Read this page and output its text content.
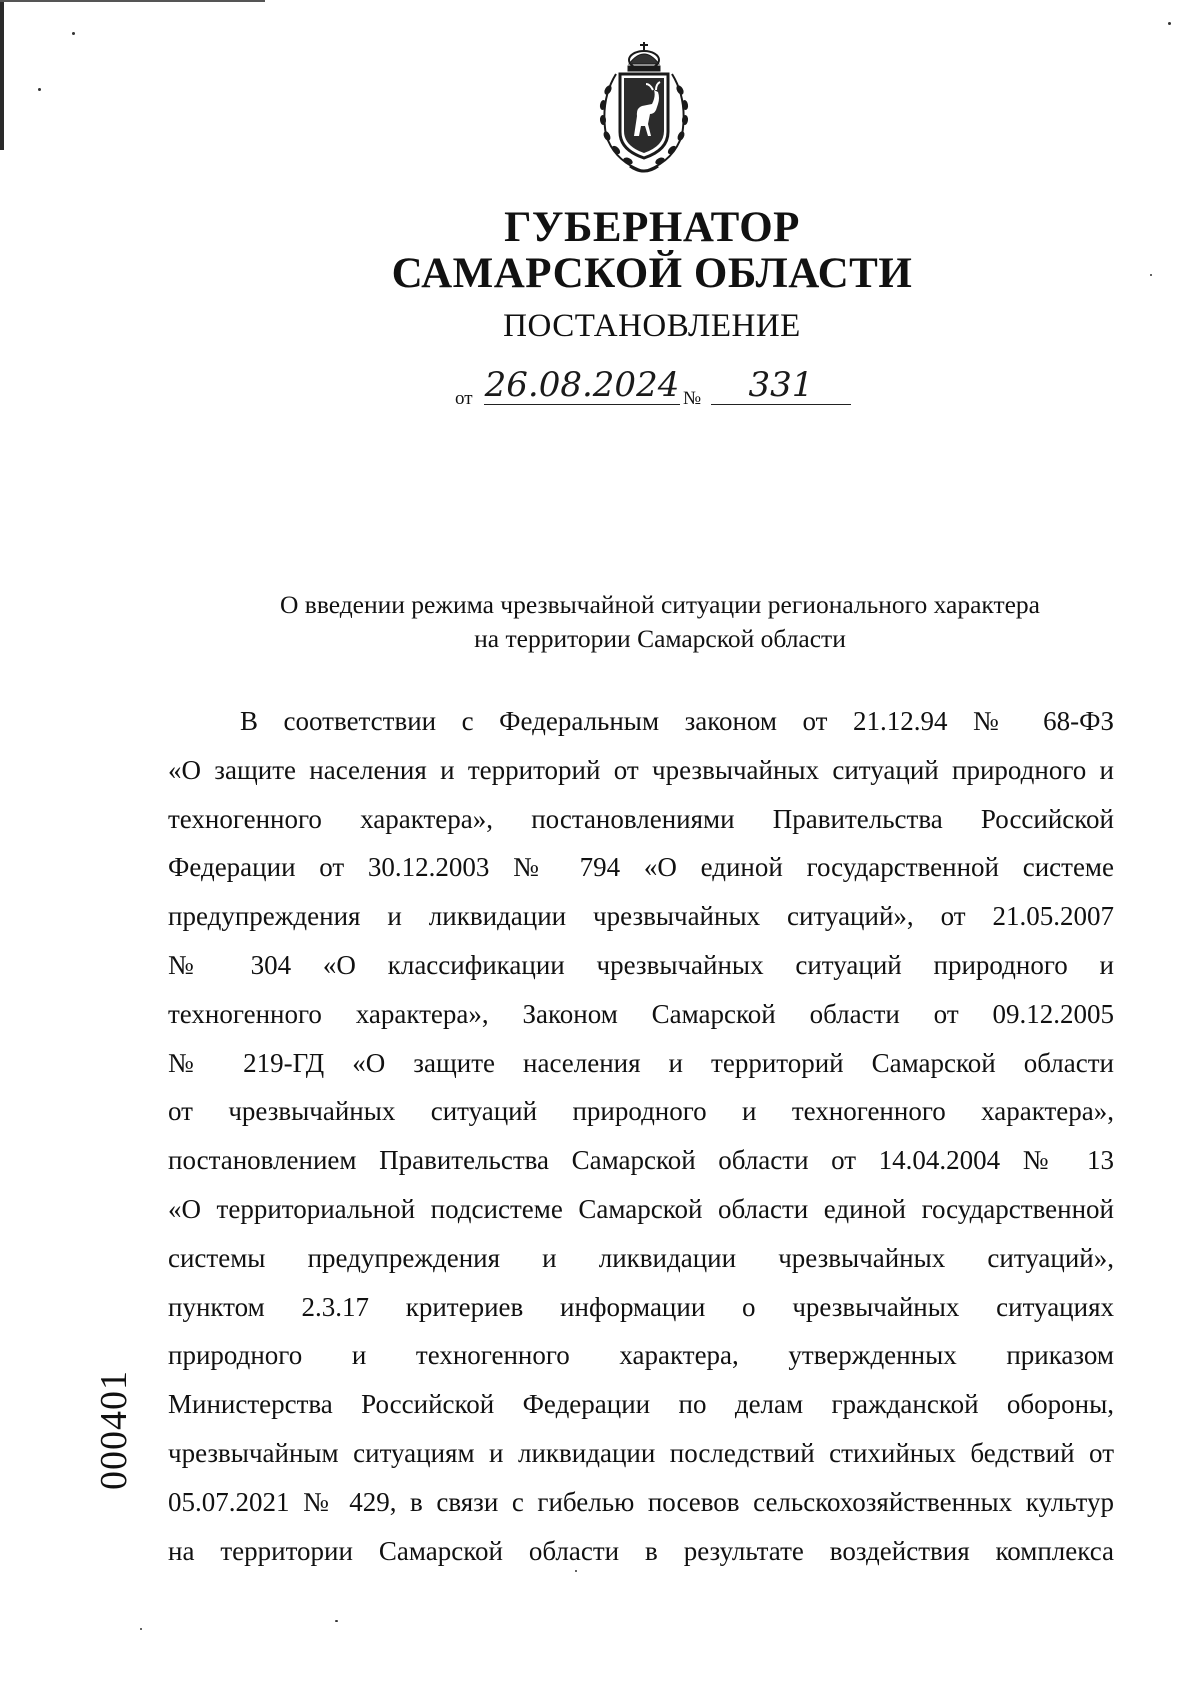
ГУБЕРНАТОР
САМАРСКОЙ ОБЛАСТИ
ПОСТАНОВЛЕНИЕ
от 26.08.2024 №	331
О введении режима чрезвычайной ситуации регионального характера
на территории Самарской области
В соответствии с Федеральным законом от 21.12.94 № 68-ФЗ
«О защите населения и территорий от чрезвычайных ситуаций природного и
техногенного характера», постановлениями Правительства Российской
Федерации от 30.12.2003 № 794 «О единой государственной системе
предупреждения и ликвидации чрезвычайных ситуаций», от 21.05.2007
№ 304 «О классификации чрезвычайных ситуаций природного и
техногенного характера», Законом Самарской области от 09.12.2005
№ 219-ГД «О защите населения и территорий Самарской области
от чрезвычайных ситуаций природного и техногенного характера»,
постановлением Правительства Самарской области от 14.04.2004 № 13
«О территориальной подсистеме Самарской области единой государственной
системы предупреждения и ликвидации чрезвычайных ситуаций»,
пунктом 2.3.17 критериев информации о чрезвычайных ситуациях
природного и техногенного характера, утвержденных приказом
Министерства Российской Федерации по делам гражданской обороны,
чрезвычайным ситуациям и ликвидации последствий стихийных бедствий от
05.07.2021 № 429, в связи с гибелью посевов сельскохозяйственных культур
на территории Самарской области в результате воздействия комплекса
000401
